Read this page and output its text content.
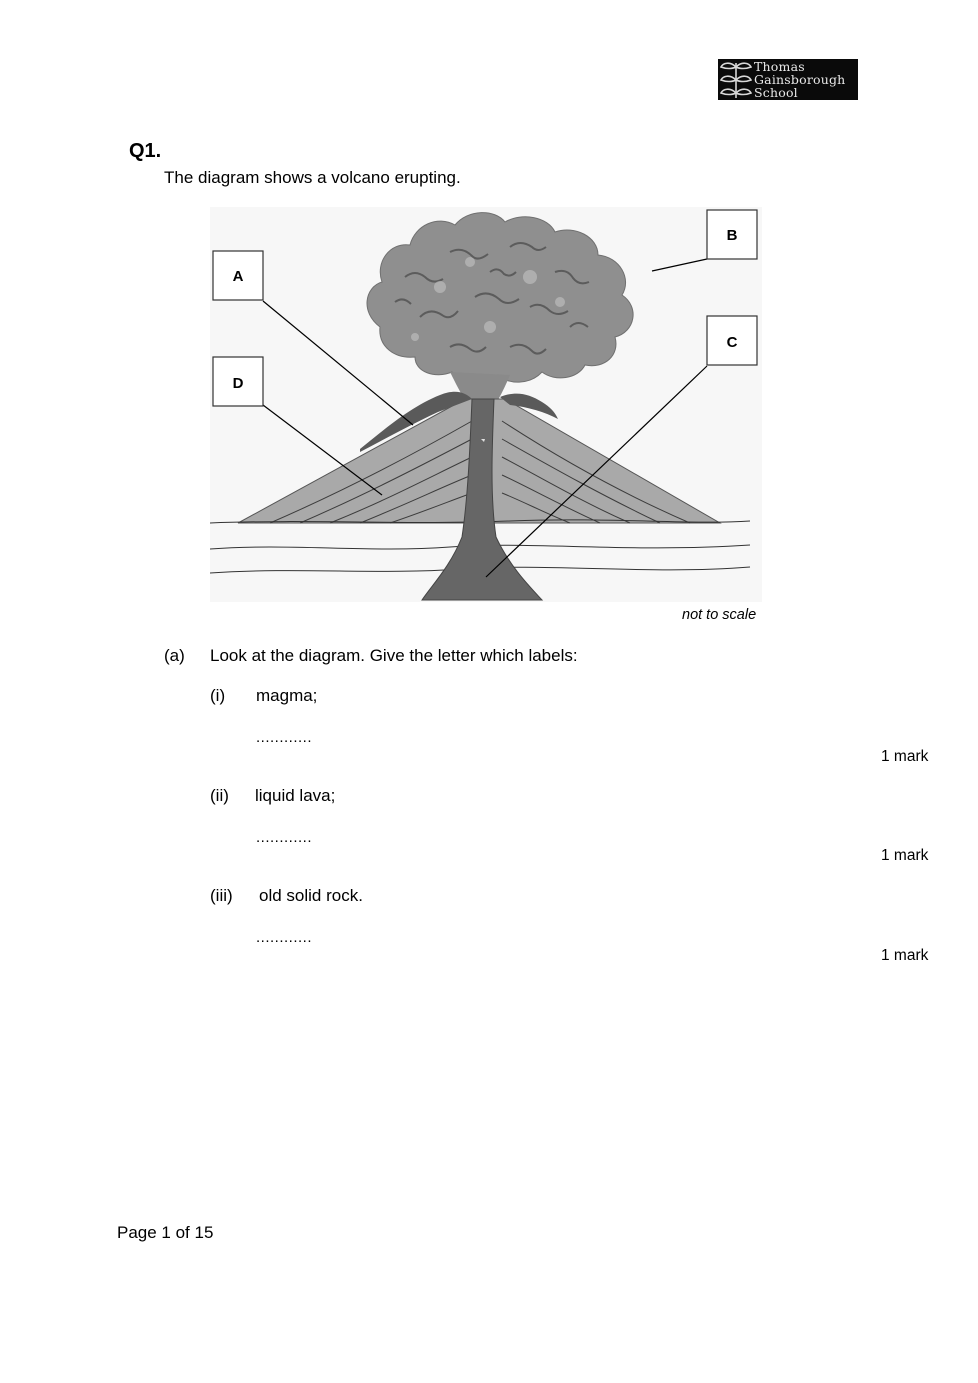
Thomas
Gainsborough
School
Q1.
The diagram shows a volcano erupting.
A
B
C
D
not to scale
(a) Look at the diagram. Give the letter which labels:
(i) magma;
............
1 mark
(ii) liquid lava;
............
1 mark
(iii) old solid rock.
............
1 mark
Page 1 of 15
